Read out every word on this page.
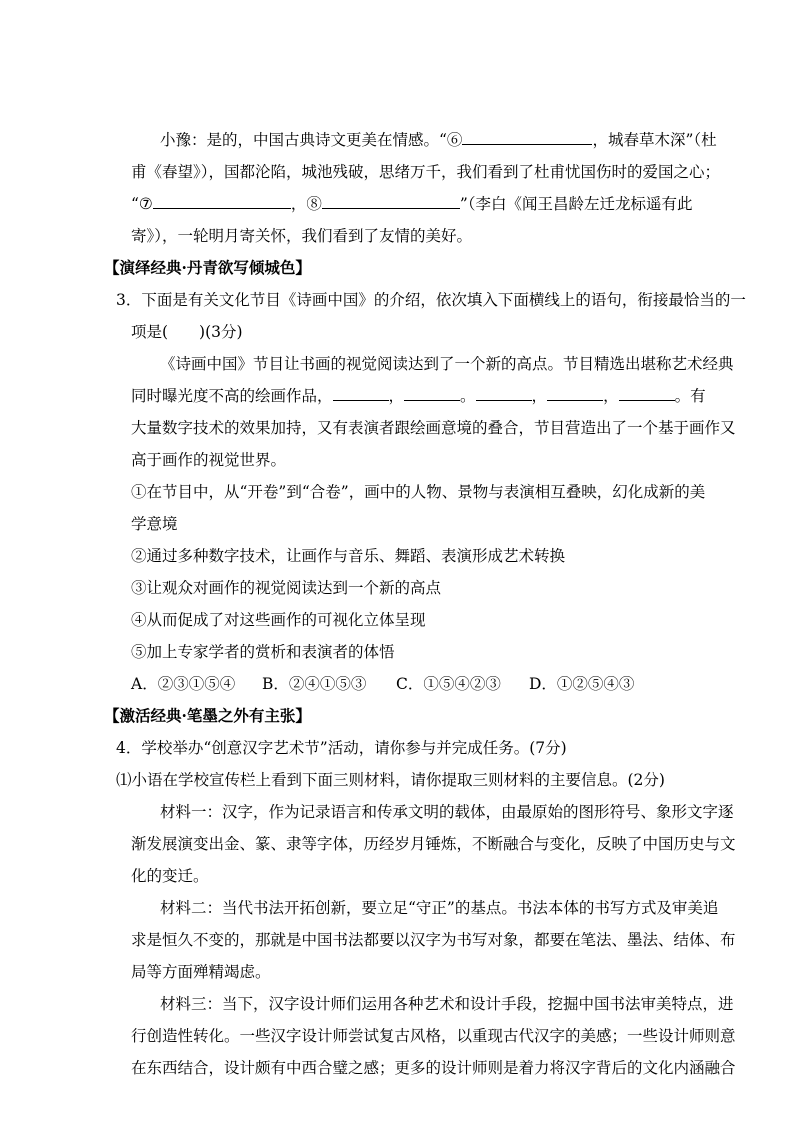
小豫：是的，中国古典诗文更美在情感。“⑥	，城春草木深”（杜
甫《春望》），国都沦陷，城池残破，思绪万千，我们看到了杜甫忧国伤时的爱国之心；
“⑦	，⑧	”（李白《闻王昌龄左迁龙标遥有此
寄》），一轮明月寄关怀，我们看到了友情的美好。
【演绎经典·丹青欲写倾城色】
3．下面是有关文化节目《诗画中国》的介绍，依次填入下面横线上的语句，衔接最恰当的一
项是(　　)(3分)
《诗画中国》节目让书画的视觉阅读达到了一个新的高点。节目精选出堪称艺术经典
同时曝光度不高的绘画作品，	，	。	，	，	。有
大量数字技术的效果加持，又有表演者跟绘画意境的叠合，节目营造出了一个基于画作又
高于画作的视觉世界。
①在节目中，从“开卷”到“合卷”，画中的人物、景物与表演相互叠映，幻化成新的美
学意境
②通过多种数字技术，让画作与音乐、舞蹈、表演形成艺术转换
③让观众对画作的视觉阅读达到一个新的高点
④从而促成了对这些画作的可视化立体呈现
⑤加上专家学者的赏析和表演者的体悟
A．②③①⑤④ B．②④①⑤③ C．①⑤④②③ D．①②⑤④③
【激活经典·笔墨之外有主张】
4．学校举办“创意汉字艺术节”活动，请你参与并完成任务。(7分)
⑴小语在学校宣传栏上看到下面三则材料，请你提取三则材料的主要信息。(2分)
材料一：汉字，作为记录语言和传承文明的载体，由最原始的图形符号、象形文字逐
渐发展演变出金、篆、隶等字体，历经岁月锤炼，不断融合与变化，反映了中国历史与文
化的变迁。
材料二：当代书法开拓创新，要立足“守正”的基点。书法本体的书写方式及审美追
求是恒久不变的，那就是中国书法都要以汉字为书写对象，都要在笔法、墨法、结体、布
局等方面殚精竭虑。
材料三：当下，汉字设计师们运用各种艺术和设计手段，挖掘中国书法审美特点，进
行创造性转化。一些汉字设计师尝试复古风格，以重现古代汉字的美感；一些设计师则意
在东西结合，设计颇有中西合璧之感；更多的设计师则是着力将汉字背后的文化内涵融合
